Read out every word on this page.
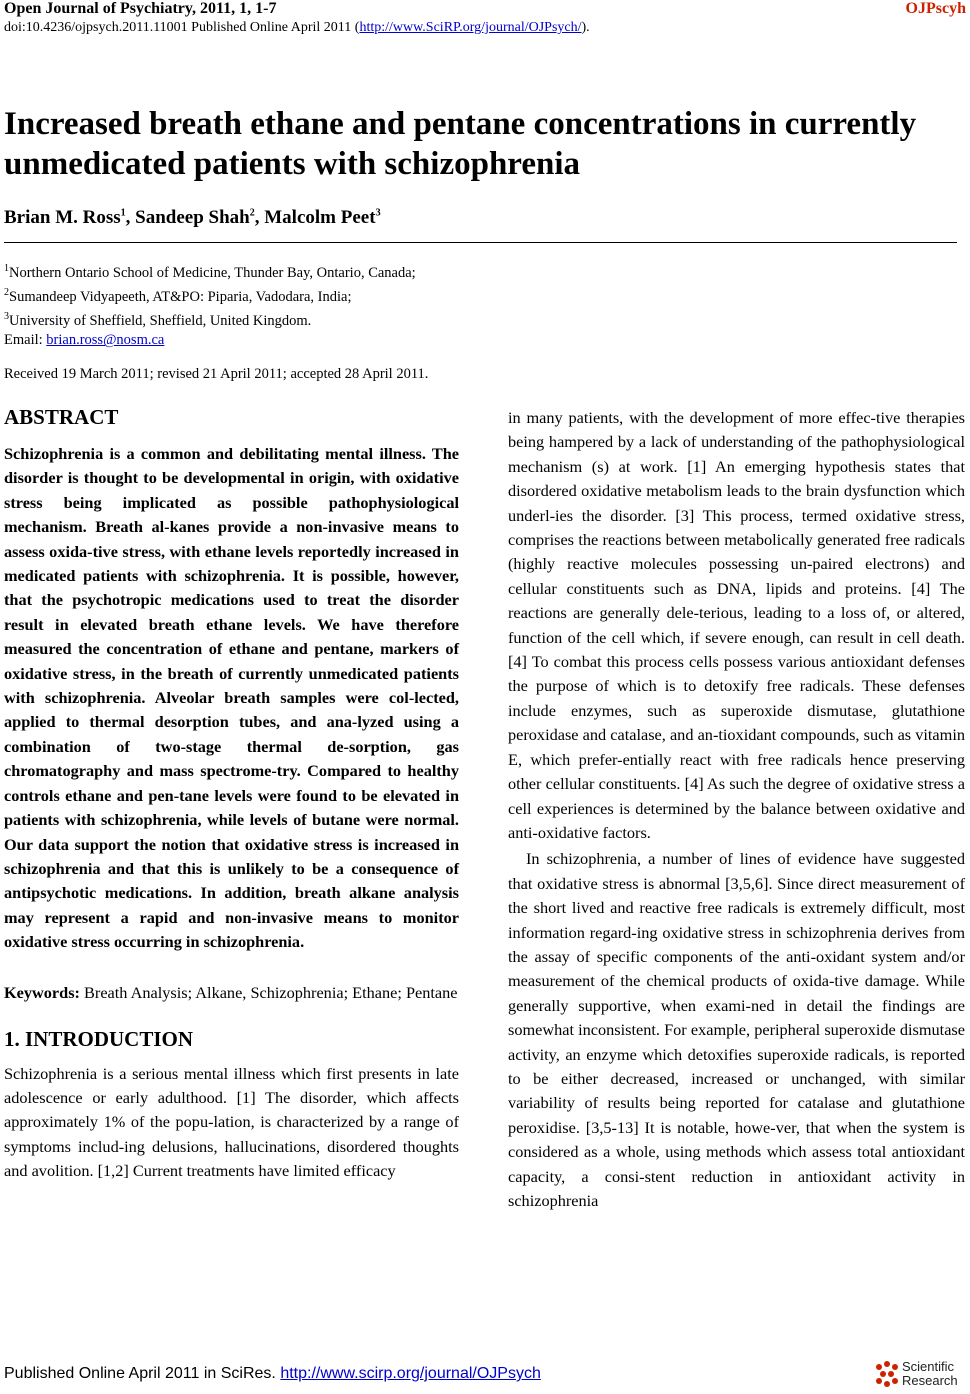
Open Journal of Psychiatry, 2011, 1, 1-7	OJPscyh
doi:10.4236/ojpsych.2011.11001 Published Online April 2011 (http://www.SciRP.org/journal/OJPsych/).
Increased breath ethane and pentane concentrations in currently unmedicated patients with schizophrenia
Brian M. Ross$^1$, Sandeep Shah$^2$, Malcolm Peet$^3$
$^1$Northern Ontario School of Medicine, Thunder Bay, Ontario, Canada;
$^2$Sumandeep Vidyapeeth, AT&PO: Piparia, Vadodara, India;
$^3$University of Sheffield, Sheffield, United Kingdom.
Email: brian.ross@nosm.ca
Received 19 March 2011; revised 21 April 2011; accepted 28 April 2011.
ABSTRACT

Schizophrenia is a common and debilitating mental illness. The disorder is thought to be developmental in origin, with oxidative stress being implicated as possible pathophysiological mechanism. Breath al-kanes provide a non-invasive means to assess oxida-tive stress, with ethane levels reportedly increased in medicated patients with schizophrenia. It is possible, however, that the psychotropic medications used to treat the disorder result in elevated breath ethane levels. We have therefore measured the concentration of ethane and pentane, markers of oxidative stress, in the breath of currently unmedicated patients with schizophrenia. Alveolar breath samples were col-lected, applied to thermal desorption tubes, and ana-lyzed using a combination of two-stage thermal de-sorption, gas chromatography and mass spectrome-try. Compared to healthy controls ethane and pen-tane levels were found to be elevated in patients with schizophrenia, while levels of butane were normal. Our data support the notion that oxidative stress is increased in schizophrenia and that this is unlikely to be a consequence of antipsychotic medications. In addition, breath alkane analysis may represent a rapid and non-invasive means to monitor oxidative stress occurring in schizophrenia.

Keywords: Breath Analysis; Alkane, Schizophrenia; Ethane; Pentane
1. INTRODUCTION

Schizophrenia is a serious mental illness which first presents in late adolescence or early adulthood. [1] The disorder, which affects approximately 1% of the popu-lation, is characterized by a range of symptoms includ-ing delusions, hallucinations, disordered thoughts and avolition. [1,2] Current treatments have limited efficacy

in many patients, with the development of more effec-tive therapies being hampered by a lack of understanding of the pathophysiological mechanism (s) at work. [1] An emerging hypothesis states that disordered oxidative metabolism leads to the brain dysfunction which underl-ies the disorder. [3] This process, termed oxidative stress, comprises the reactions between metabolically generated free radicals (highly reactive molecules possessing un-paired electrons) and cellular constituents such as DNA, lipids and proteins. [4] The reactions are generally dele-terious, leading to a loss of, or altered, function of the cell which, if severe enough, can result in cell death. [4] To combat this process cells possess various antioxidant defenses the purpose of which is to detoxify free radicals. These defenses include enzymes, such as superoxide dismutase, glutathione peroxidase and catalase, and an-tioxidant compounds, such as vitamin E, which prefer-entially react with free radicals hence preserving other cellular constituents. [4] As such the degree of oxidative stress a cell experiences is determined by the balance between oxidative and anti-oxidative factors.

In schizophrenia, a number of lines of evidence have suggested that oxidative stress is abnormal [3,5,6]. Since direct measurement of the short lived and reactive free radicals is extremely difficult, most information regard-ing oxidative stress in schizophrenia derives from the assay of specific components of the anti-oxidant system and/or measurement of the chemical products of oxida-tive damage. While generally supportive, when exami-ned in detail the findings are somewhat inconsistent. For example, peripheral superoxide dismutase activity, an enzyme which detoxifies superoxide radicals, is reported to be either decreased, increased or unchanged, with similar variability of results being reported for catalase and glutathione peroxidise. [3,5-13] It is notable, howe-ver, that when the system is considered as a whole, using methods which assess total antioxidant capacity, a consi-stent reduction in antioxidant activity in schizophrenia

Published Online April 2011 in SciRes. http://www.scirp.org/journal/OJPsych	Scientific
Research
